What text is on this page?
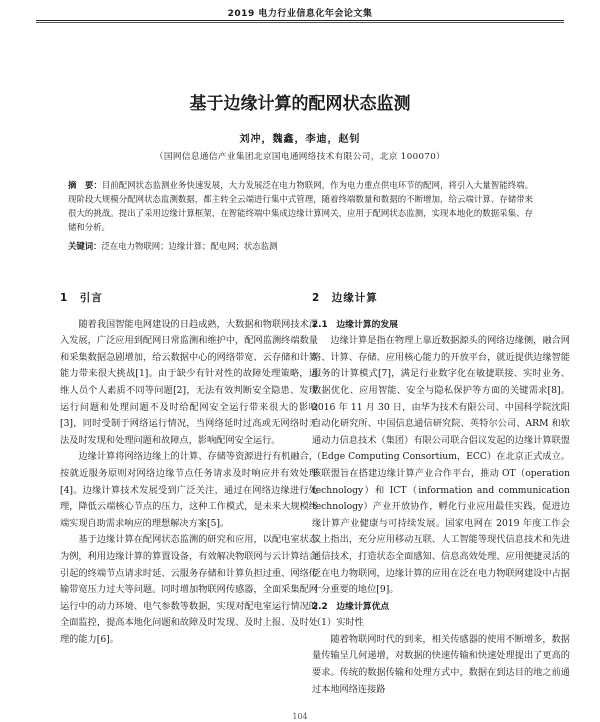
2019 电力行业信息化年会论文集
基于边缘计算的配网状态监测
刘冲，魏鑫，李迪，赵钊
（国网信息通信产业集团北京国电通网络技术有限公司，北京 100070）
摘　要：目前配网状态监测业务快速发展，大力发展泛在电力物联网，作为电力重点供电环节的配网，将引入大量智能终端。现阶段大规模分配网状态监测数据，都主转全云端进行集中式管理，随着终端数量和数据的不断增加，给云端计算、存储带来很大的挑战。提出了采用边缘计算框架，在智能终端中集成边缘计算网关，应用于配网状态监测，实现本地化的数据采集、存储和分析。
关键词：泛在电力物联网；边缘计算；配电网；状态监测
1　引言

随着我国智能电网建设的日趋成熟，大数据和物联网技术深入发展，广泛应用到配网日常监测和维护中，配网监测终端数量和采集数据急剧增加，给云数据中心的网络带宽、云存储和计算能力带来很大挑战[1]。由于缺少有针对性的故障处理策略，运维人员个人素质不同等问题[2]，无法有效判断安全隐患、发现运行问题和处理问题不及时给配网安全运行带来很大的影响[3]，同时受制于网络运行情况，当网络延时过高或无网络时无法及时发现和处理问题和故障点，影响配网安全运行。

边缘计算将网络边缘上的计算、存储等资源进行有机融合，按就近服务原则对网络边缘节点任务请求及时响应并有效处理[4]。边缘计算技术发展受到广泛关注，通过在网络边缘进行处理，降低云端核心节点的压力，这种工作模式，是未来大规模终端实现自助需求响应的理想解决方案[5]。

基于边缘计算在配网状态监测的研究和应用，以配电室状态为例，利用边缘计算的算置设备，有效解决物联网与云计算结合引起的终端节点请求时延、云服务存储和计算负担过重、网络传输带宽压力过大等问题。同时增加物联网传感器，全面采集配网运行中的动力环境、电气参数等数据，实现对配电室运行情况的全面监控，提高本地化问题和故障及时发现、及时上报、及时处理的能力[6]。

2　边缘计算
2.1　边缘计算的发展

边缘计算是指在物理上靠近数据源头的网络边缘侧，融合网络、计算、存储、应用核心能力的开放平台，就近提供边缘智能服务的计算模式[7]，满足行业数字化在敏捷联接、实时业务、数据优化、应用智能、安全与隐私保护等方面的关键需求[8]。2016 年 11 月 30 日，由华为技术有限公司、中国科学院沈阳自动化研究所、中国信息通信研究院、英特尔公司、ARM 和软通动力信息技术（集团）有限公司联合倡议发起的边缘计算联盟（Edge Computing Consortium，ECC）在北京正式成立。该联盟旨在搭建边缘计算产业合作平台，推动 OT（operation technology）和 ICT（information and communication technology）产业开放协作，孵化行业应用最佳实践，促进边缘计算产业健康与可持续发展。国家电网在 2019 年度工作会议上指出，充分应用移动互联、人工智能等现代信息技术和先进通信技术，打造状态全面感知、信息高效处理、应用便捷灵活的泛在电力物联网，边缘计算的应用在泛在电力物联网建设中占据十分重要的地位[9]。

2.2　边缘计算优点
（1）实时性

随着物联网时代的到来，相关传感器的使用不断增多，数据量传输呈几何递增，对数据的快速传输和快速处理提出了更高的要求。传统的数据传输和处理方式中，数据在到达目的地之前通过本地网络连接路

104
